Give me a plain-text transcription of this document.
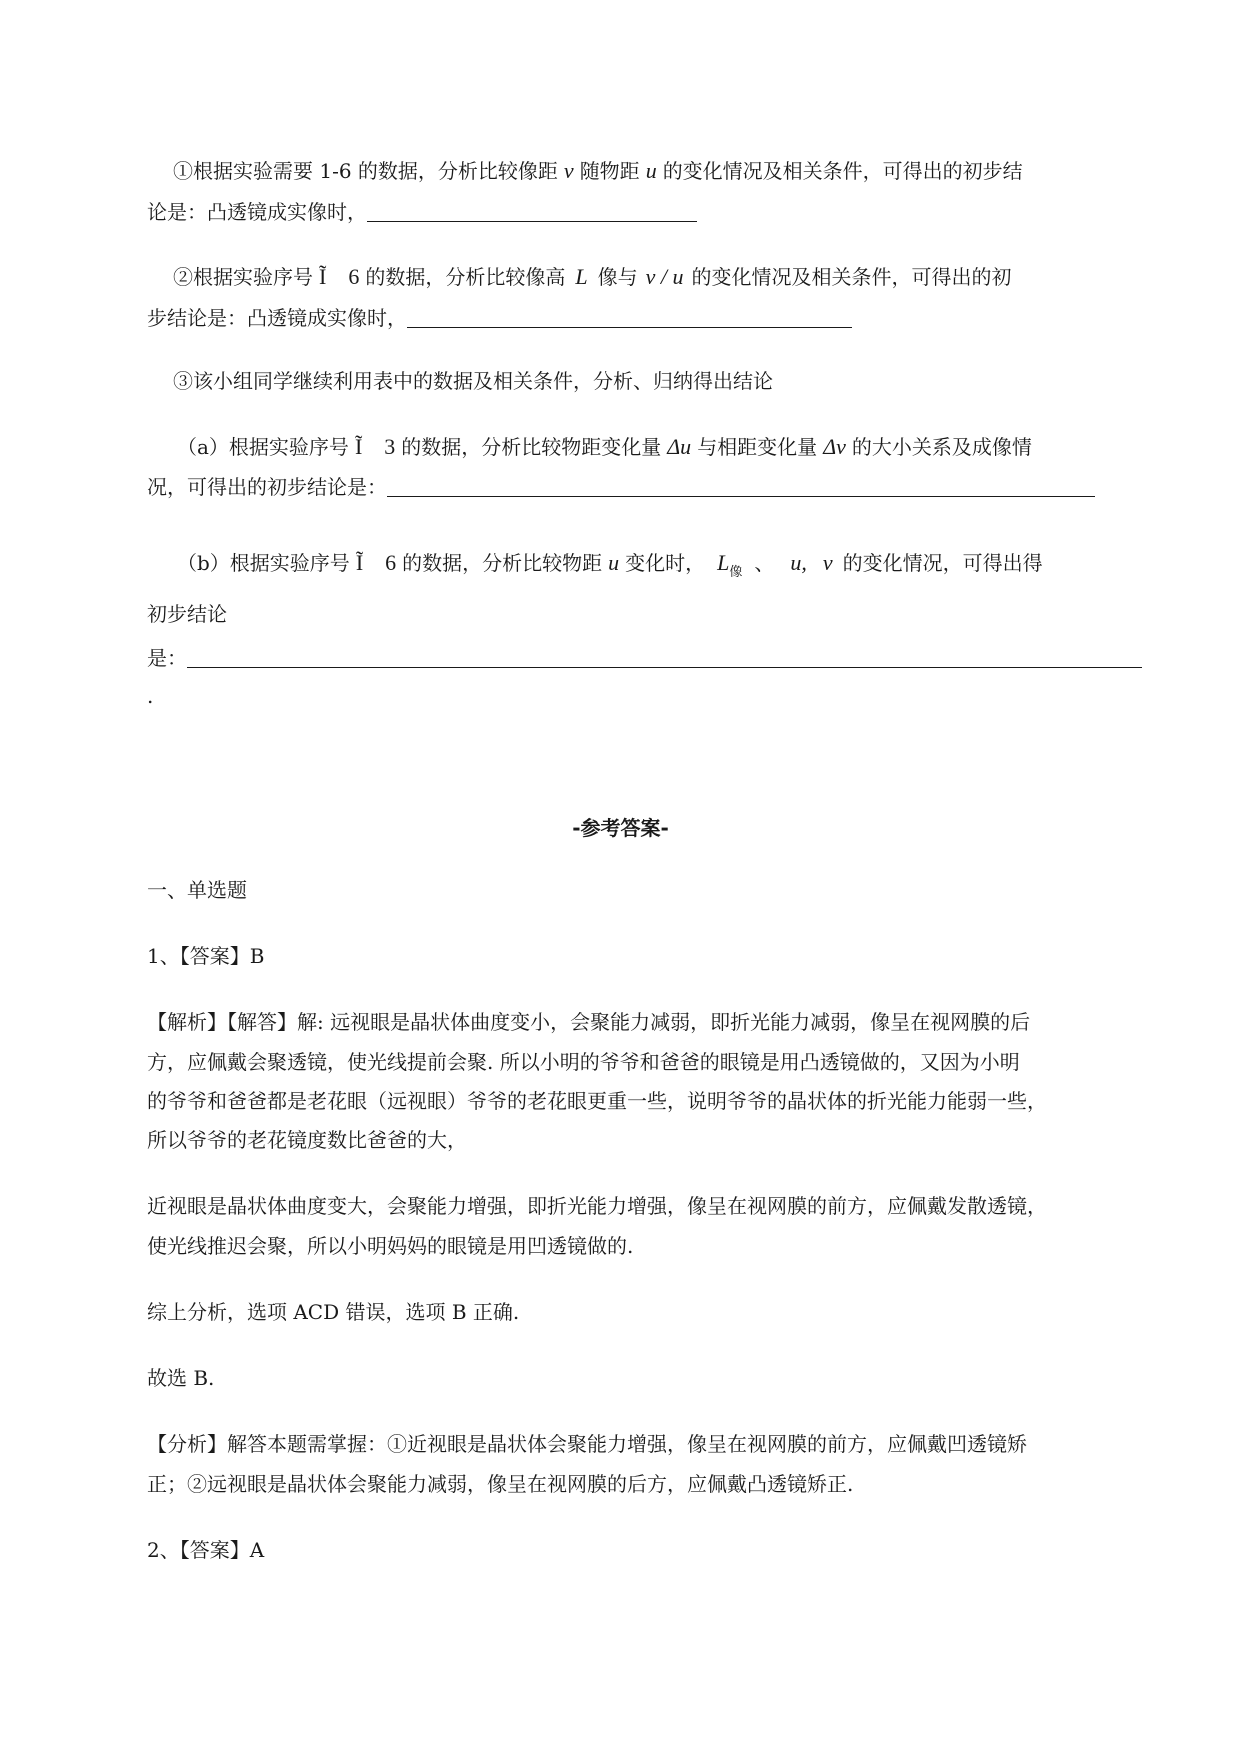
①根据实验需要 1-6 的数据，分析比较像距 v 随物距 u 的变化情况及相关条件，可得出的初步结
论是：凸透镜成实像时，
②根据实验序号 Ĩ　6 的数据，分析比较像高 L 像与 v / u 的变化情况及相关条件，可得出的初
步结论是：凸透镜成实像时，
③该小组同学继续利用表中的数据及相关条件，分析、归纳得出结论
（a）根据实验序号 Ĩ　3 的数据，分析比较物距变化量 Δu 与相距变化量 Δv 的大小关系及成像情
况，可得出的初步结论是：
（b）根据实验序号 Ĩ　6 的数据，分析比较物距 u 变化时， $L_像$ 、 u, v 的变化情况，可得出得
初步结论
是：
.
-参考答案-
一、单选题
1、【答案】B
【解析】【解答】解: 远视眼是晶状体曲度变小，会聚能力减弱，即折光能力减弱，像呈在视网膜的后
方，应佩戴会聚透镜，使光线提前会聚. 所以小明的爷爷和爸爸的眼镜是用凸透镜做的，又因为小明
的爷爷和爸爸都是老花眼（远视眼）爷爷的老花眼更重一些，说明爷爷的晶状体的折光能力能弱一些，
所以爷爷的老花镜度数比爸爸的大，
近视眼是晶状体曲度变大，会聚能力增强，即折光能力增强，像呈在视网膜的前方，应佩戴发散透镜，
使光线推迟会聚，所以小明妈妈的眼镜是用凹透镜做的.
综上分析，选项 ACD 错误，选项 B 正确.
故选 B.
【分析】解答本题需掌握：①近视眼是晶状体会聚能力增强，像呈在视网膜的前方，应佩戴凹透镜矫
正；②远视眼是晶状体会聚能力减弱，像呈在视网膜的后方，应佩戴凸透镜矫正.
2、【答案】A
